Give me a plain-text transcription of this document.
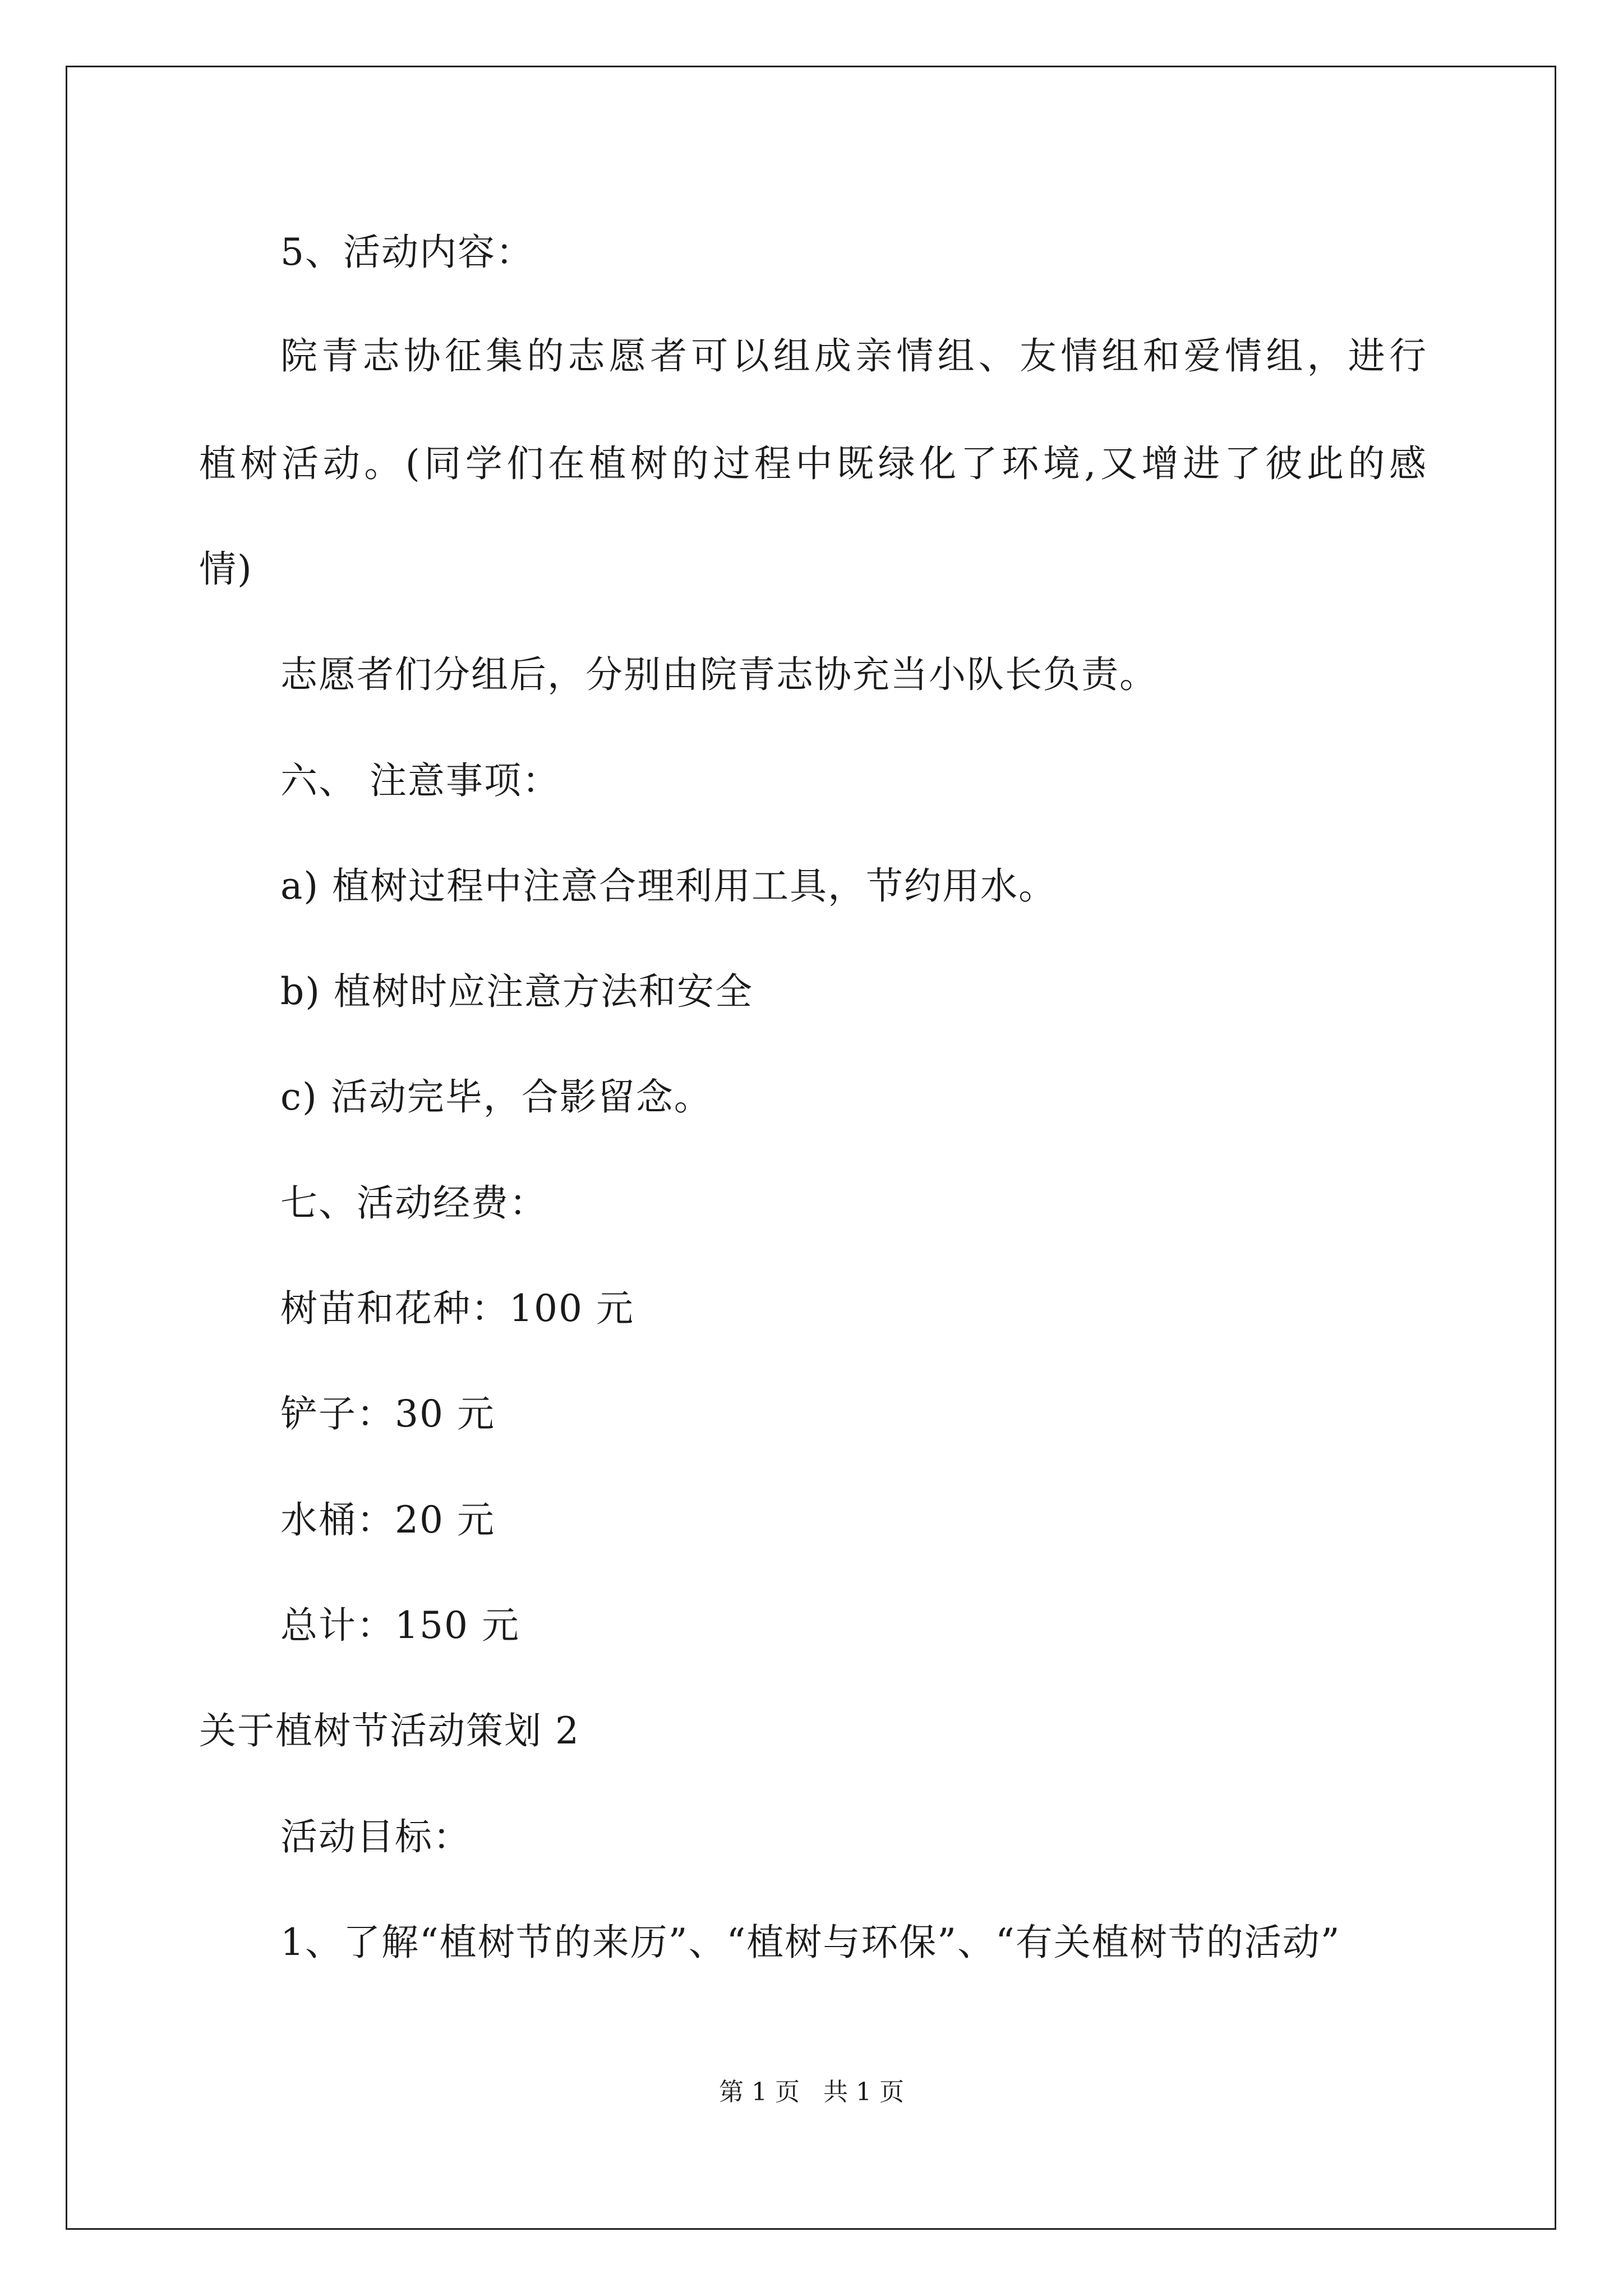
5、活动内容：
院青志协征集的志愿者可以组成亲情组、友情组和爱情组，进行
植树活动。(同学们在植树的过程中既绿化了环境,又增进了彼此的感
情)
志愿者们分组后，分别由院青志协充当小队长负责。
六、 注意事项：
a) 植树过程中注意合理利用工具，节约用水。
b) 植树时应注意方法和安全
c) 活动完毕，合影留念。
七、活动经费：
树苗和花种：100 元
铲子：30 元
水桶：20 元
总计：150 元
关于植树节活动策划 2
活动目标：
1、了解“植树节的来历”、“植树与环保”、“有关植树节的活动”
第 1 页   共 1 页
